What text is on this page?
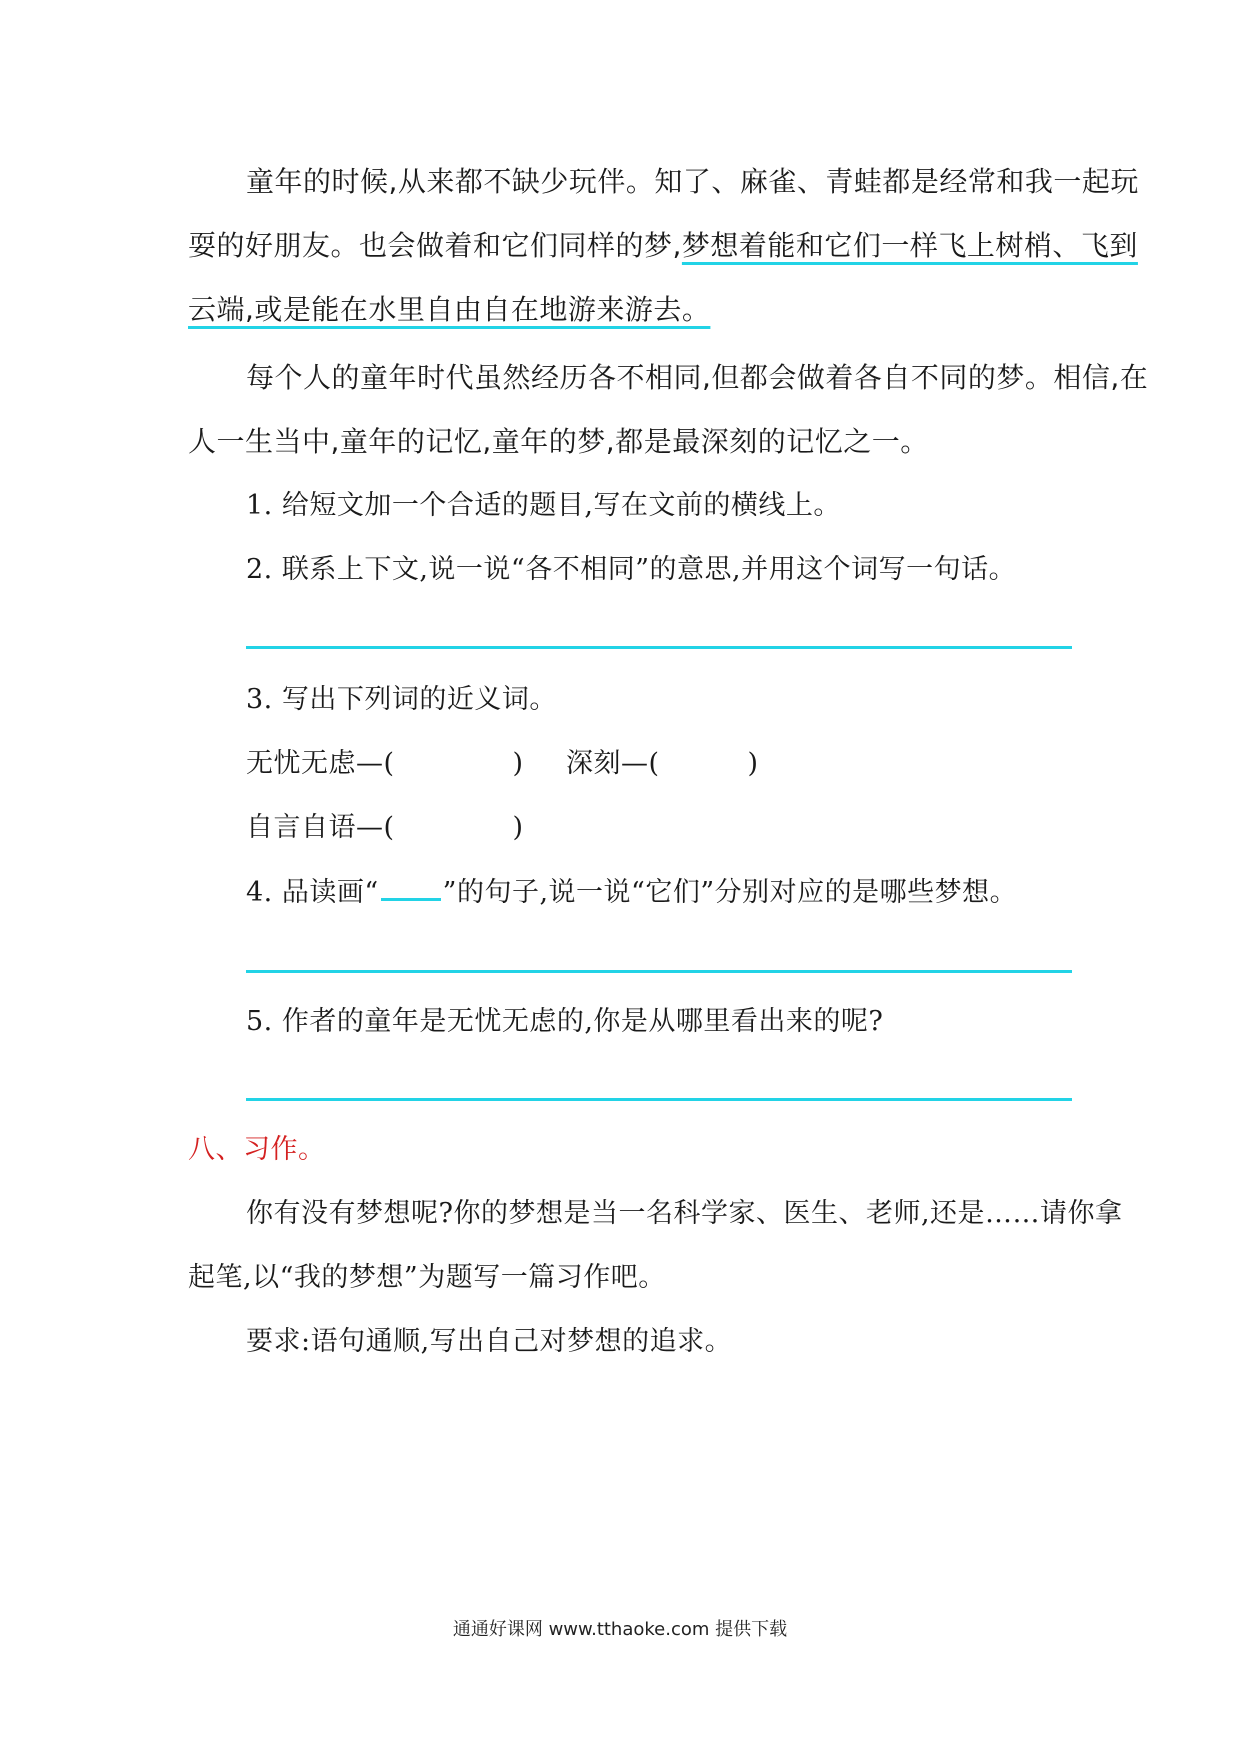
童年的时候,从来都不缺少玩伴。知了、麻雀、青蛙都是经常和我一起玩
耍的好朋友。也会做着和它们同样的梦,梦想着能和它们一样飞上树梢、飞到
云端,或是能在水里自由自在地游来游去。
每个人的童年时代虽然经历各不相同,但都会做着各自不同的梦。相信,在
人一生当中,童年的记忆,童年的梦,都是最深刻的记忆之一。
1. 给短文加一个合适的题目,写在文前的横线上。
2. 联系上下文,说一说“各不相同”的意思,并用这个词写一句话。
3. 写出下列词的近义词。
无忧无虑—(	) 深刻—(	)
自言自语—(	)
4. 品读画“ ”的句子,说一说“它们”分别对应的是哪些梦想。
5. 作者的童年是无忧无虑的,你是从哪里看出来的呢?
八、习作。
你有没有梦想呢?你的梦想是当一名科学家、医生、老师,还是……请你拿
起笔,以“我的梦想”为题写一篇习作吧。
要求:语句通顺,写出自己对梦想的追求。
通通好课网 www.tthaoke.com 提供下载
